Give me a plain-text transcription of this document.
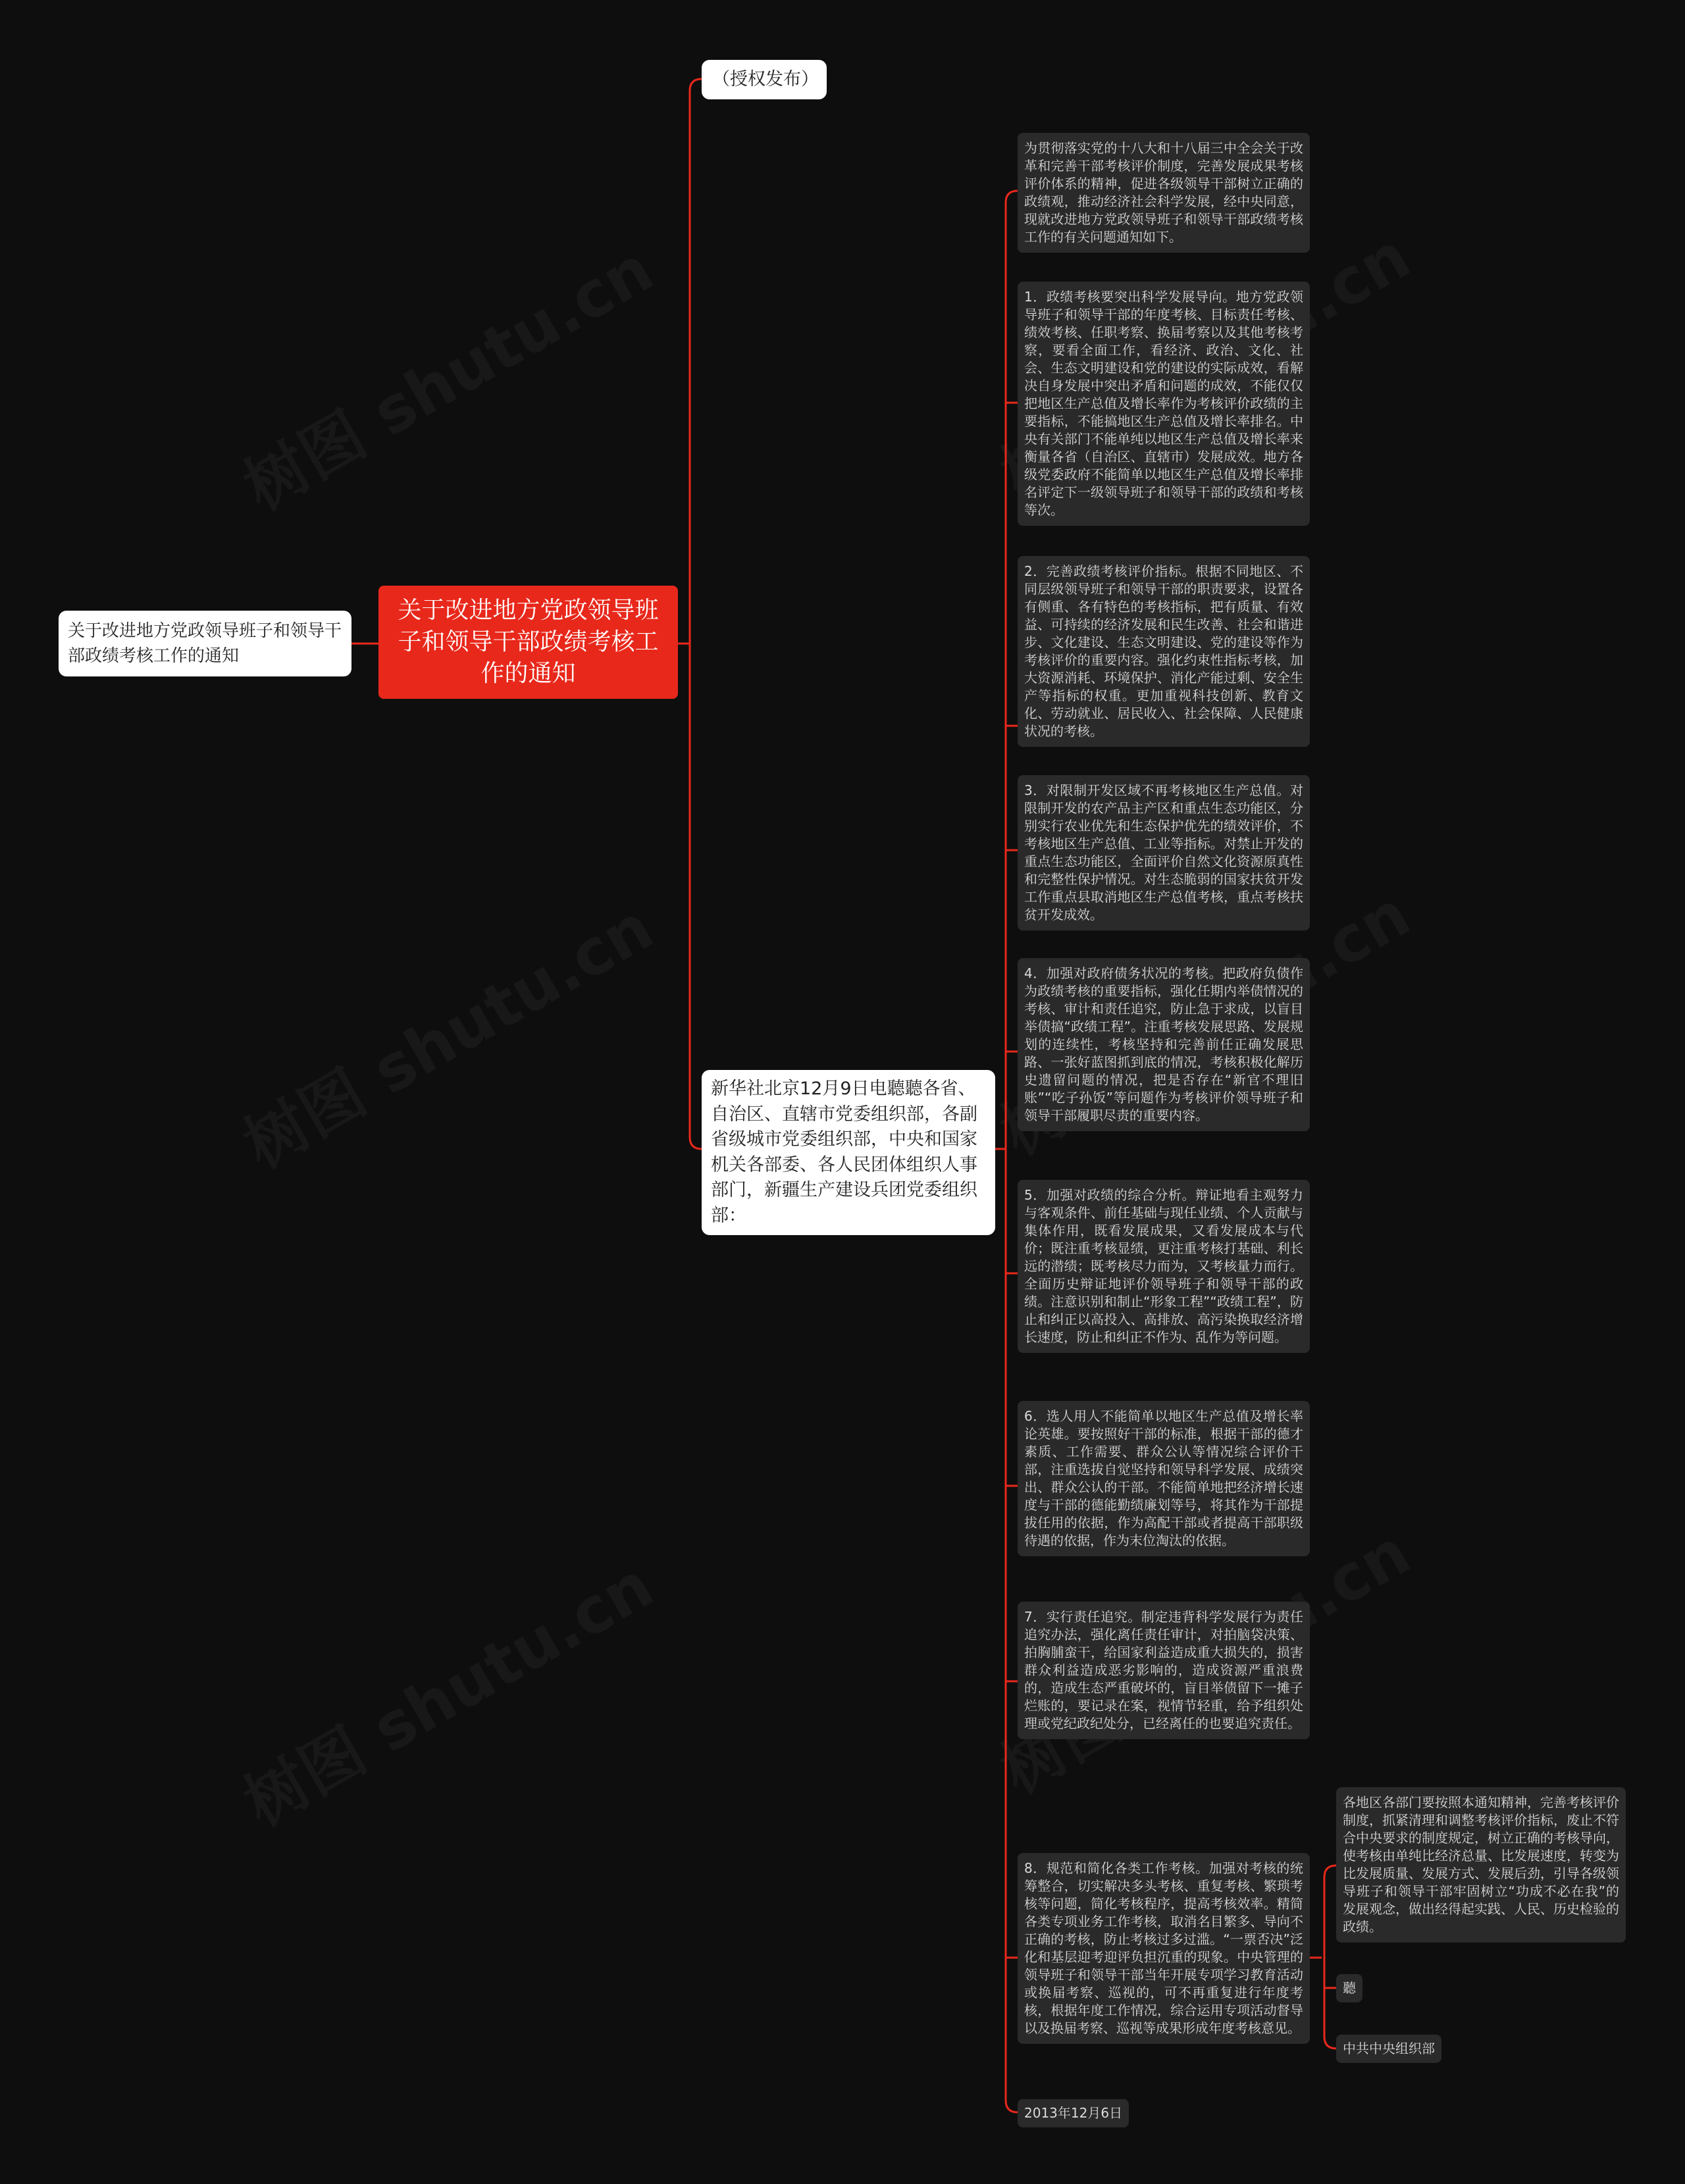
关于改进地方党政领导班子和领导干部政绩考核工作的通知
关于改进地方党政领导班子和领导干部政绩考核工作的通知
（授权发布）
新华社北京12月9日电聽聽各省、自治区、直辖市党委组织部，各副省级城市党委组织部，中央和国家机关各部委、各人民团体组织人事部门，新疆生产建设兵团党委组织部：
为贯彻落实党的十八大和十八届三中全会关于改革和完善干部考核评价制度，完善发展成果考核评价体系的精神，促进各级领导干部树立正确的政绩观，推动经济社会科学发展，经中央同意，现就改进地方党政领导班子和领导干部政绩考核工作的有关问题通知如下。
1．政绩考核要突出科学发展导向。地方党政领导班子和领导干部的年度考核、目标责任考核、绩效考核、任职考察、换届考察以及其他考核考察，要看全面工作，看经济、政治、文化、社会、生态文明建设和党的建设的实际成效，看解决自身发展中突出矛盾和问题的成效，不能仅仅把地区生产总值及增长率作为考核评价政绩的主要指标，不能搞地区生产总值及增长率排名。中央有关部门不能单纯以地区生产总值及增长率来衡量各省（自治区、直辖市）发展成效。地方各级党委政府不能简单以地区生产总值及增长率排名评定下一级领导班子和领导干部的政绩和考核等次。
2．完善政绩考核评价指标。根据不同地区、不同层级领导班子和领导干部的职责要求，设置各有侧重、各有特色的考核指标，把有质量、有效益、可持续的经济发展和民生改善、社会和谐进步、文化建设、生态文明建设、党的建设等作为考核评价的重要内容。强化约束性指标考核，加大资源消耗、环境保护、消化产能过剩、安全生产等指标的权重。更加重视科技创新、教育文化、劳动就业、居民收入、社会保障、人民健康状况的考核。
3．对限制开发区域不再考核地区生产总值。对限制开发的农产品主产区和重点生态功能区，分别实行农业优先和生态保护优先的绩效评价，不考核地区生产总值、工业等指标。对禁止开发的重点生态功能区，全面评价自然文化资源原真性和完整性保护情况。对生态脆弱的国家扶贫开发工作重点县取消地区生产总值考核，重点考核扶贫开发成效。
4．加强对政府债务状况的考核。把政府负债作为政绩考核的重要指标，强化任期内举债情况的考核、审计和责任追究，防止急于求成，以盲目举债搞“政绩工程”。注重考核发展思路、发展规划的连续性，考核坚持和完善前任正确发展思路、一张好蓝图抓到底的情况，考核积极化解历史遗留问题的情况，把是否存在“新官不理旧账”“吃子孙饭”等问题作为考核评价领导班子和领导干部履职尽责的重要内容。
5．加强对政绩的综合分析。辩证地看主观努力与客观条件、前任基础与现任业绩、个人贡献与集体作用，既看发展成果，又看发展成本与代价；既注重考核显绩，更注重考核打基础、利长远的潜绩；既考核尽力而为，又考核量力而行。全面历史辩证地评价领导班子和领导干部的政绩。注意识别和制止“形象工程”“政绩工程”，防止和纠正以高投入、高排放、高污染换取经济增长速度，防止和纠正不作为、乱作为等问题。
6．选人用人不能简单以地区生产总值及增长率论英雄。要按照好干部的标准，根据干部的德才素质、工作需要、群众公认等情况综合评价干部，注重选拔自觉坚持和领导科学发展、成绩突出、群众公认的干部。不能简单地把经济增长速度与干部的德能勤绩廉划等号，将其作为干部提拔任用的依据，作为高配干部或者提高干部职级待遇的依据，作为末位淘汰的依据。
7．实行责任追究。制定违背科学发展行为责任追究办法，强化离任责任审计，对拍脑袋决策、拍胸脯蛮干，给国家利益造成重大损失的，损害群众利益造成恶劣影响的，造成资源严重浪费的，造成生态严重破坏的，盲目举债留下一摊子烂账的，要记录在案，视情节轻重，给予组织处理或党纪政纪处分，已经离任的也要追究责任。
8．规范和简化各类工作考核。加强对考核的统筹整合，切实解决多头考核、重复考核、繁琐考核等问题，简化考核程序，提高考核效率。精简各类专项业务工作考核，取消名目繁多、导向不正确的考核，防止考核过多过滥。“一票否决”泛化和基层迎考迎评负担沉重的现象。中央管理的领导班子和领导干部当年开展专项学习教育活动或换届考察、巡视的，可不再重复进行年度考核，根据年度工作情况，综合运用专项活动督导以及换届考察、巡视等成果形成年度考核意见。
2013年12月6日
各地区各部门要按照本通知精神，完善考核评价制度，抓紧清理和调整考核评价指标，废止不符合中央要求的制度规定，树立正确的考核导向，使考核由单纯比经济总量、比发展速度，转变为比发展质量、发展方式、发展后劲，引导各级领导班子和领导干部牢固树立“功成不必在我”的发展观念，做出经得起实践、人民、历史检验的政绩。
聽
中共中央组织部
